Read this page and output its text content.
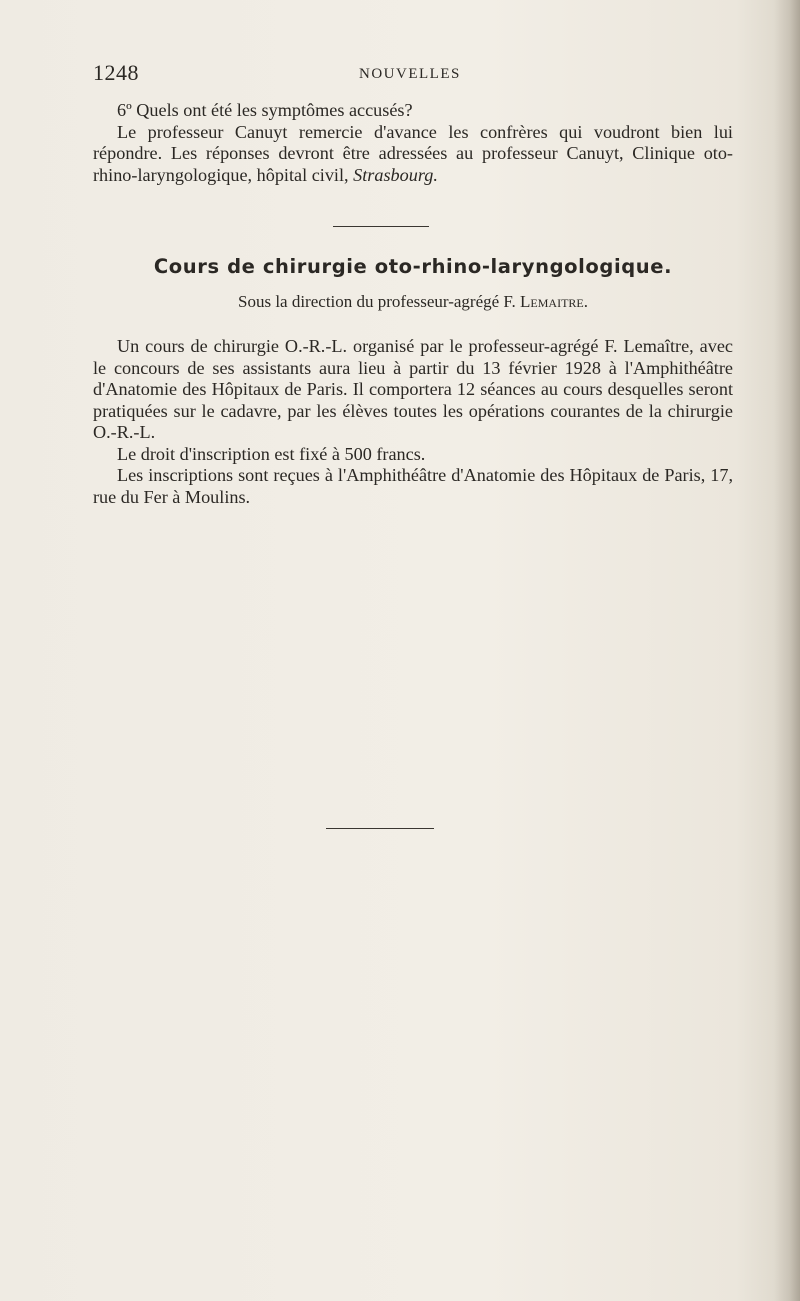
1248	NOUVELLES

6º Quels ont été les symptômes accusés?

Le professeur Canuyt remercie d'avance les confrères qui voudront bien lui répondre. Les réponses devront être adressées au professeur Canuyt, Clinique oto-rhino-laryngologique, hôpital civil, Strasbourg.

Cours de chirurgie oto-rhino-laryngologique.
Sous la direction du professeur-agrégé F. Lemaitre.

Un cours de chirurgie O.-R.-L. organisé par le professeur-agrégé F. Lemaître, avec le concours de ses assistants aura lieu à partir du 13 février 1928 à l'Amphithéâtre d'Anatomie des Hôpitaux de Paris. Il comportera 12 séances au cours desquelles seront pratiquées sur le cadavre, par les élèves toutes les opérations courantes de la chirurgie O.-R.-L.

Le droit d'inscription est fixé à 500 francs.

Les inscriptions sont reçues à l'Amphithéâtre d'Anatomie des Hôpitaux de Paris, 17, rue du Fer à Moulins.
